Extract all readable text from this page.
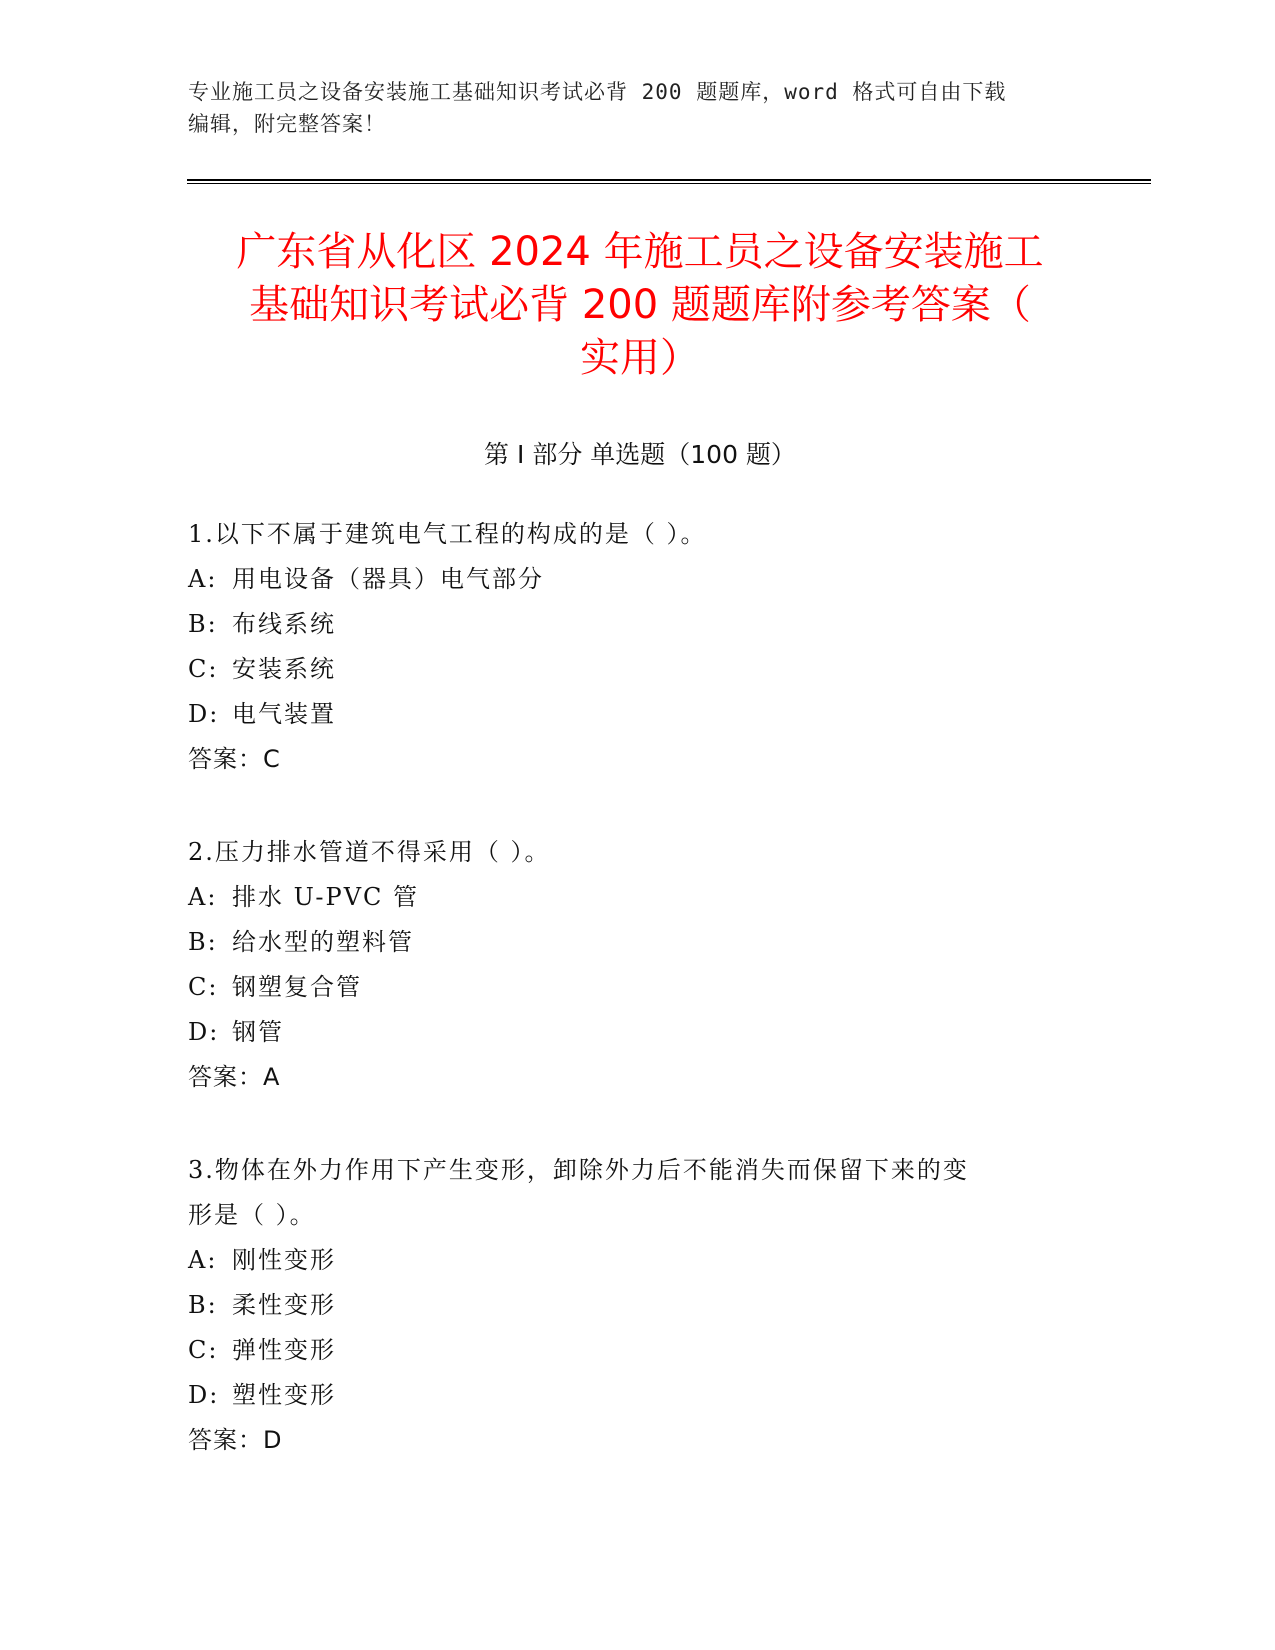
专业施工员之设备安装施工基础知识考试必背 200 题题库，word 格式可自由下载
编辑，附完整答案！
广东省从化区 2024 年施工员之设备安装施工
基础知识考试必背 200 题题库附参考答案（
实用）
第 I 部分 单选题（100 题）
1.以下不属于建筑电气工程的构成的是（ ）。
A: 用电设备（器具）电气部分
B: 布线系统
C: 安装系统
D: 电气装置
答案：C
2.压力排水管道不得采用（ ）。
A: 排水 U-PVC 管
B: 给水型的塑料管
C: 钢塑复合管
D: 钢管
答案：A
3.物体在外力作用下产生变形，卸除外力后不能消失而保留下来的变
形是（ ）。
A: 刚性变形
B: 柔性变形
C: 弹性变形
D: 塑性变形
答案：D
